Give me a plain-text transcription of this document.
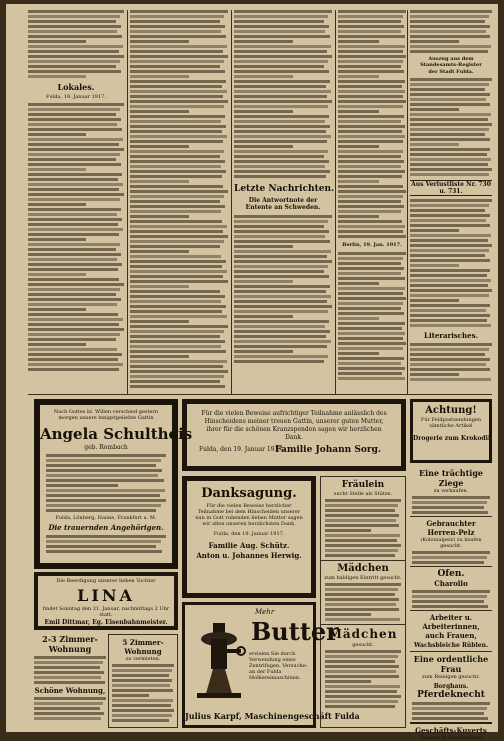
Lokales.
Fulda, 19. Januar 1917.
Letzte Nachrichten.
Die Antwortnote der Entente an Schweden.
Berlin, 19. Jan. 1917.
Auszug aus dem Standesamts-Register
der Stadt Fulda.
Aus Verlustliste Nr. 730 u. 731.
Literarisches.
Nach Gottes hl. Willen verschied gestern morgen unsere innigstgeliebte Gattin
Angela Schultheis
geb. Rombach
Fulda, Lönberg, Haune, Frankfurt a. M.
Die trauernden Angehörigen.
Die Beerdigung unserer lieben Tochter
LINA
findet Sonntag den 21. Januar, nachmittags 2 Uhr statt.
Emil Dittmar, Eg. Eisenbahnmeister.
Für die vielen Beweise aufrichtiger Teilnahme anlässlich des Hinscheidens meiner treuen Gattin, unserer guten Mutter, ihrer für die schönen Kranzspenden sagen wir herzlichen Dank.
Fulda, den 19. Januar 1917.
Familie Johann Sorg.
Danksagung.
Für die vielen Beweise herzlicher Teilnahme bei dem Hinscheiden unserer nun in Gott ruhenden lieben Mutter sagen wir allen unseren herzlichsten Dank.
Fulda, den 19. Januar 1917.
Familie Aug. Schütz.
Anton u. Johannes Herwig.
Fräulein
sucht Stelle als Stütze.
Mädchen
zum baldigen Eintritt gesucht.
Mädchen
gesucht.
Achtung!
Für Feldpostsendungen sämtliche Artikel
Drogerie zum Krokodil
Eine trächtige Ziege
zu verkaufen.
Gebrauchter Herren-Pelz
(Kolonialpelz) zu kaufen gesucht.
Ofen.
Charollo
Arbeiter u. Arbeiterinnen,
auch Frauen,
Wachsbleiche Rüblen.
Eine ordentliche Frau
zum Reinigen gesucht.
Borghaus.
Pferdeknecht
Geschäfts-Kuverts
Fuldaer Actiendruckerei
2-3 Zimmer-Wohnung
Schöne Wohnung,
5 Zimmer-Wohnung
zu vermieten.
Mehr
Butter
erzielen Sie durch Verwendung eines Zentrifugen. Versuche: an der Fulda Molkereimaschinen.
Julius Karpf, Maschinengeschäft Fulda
